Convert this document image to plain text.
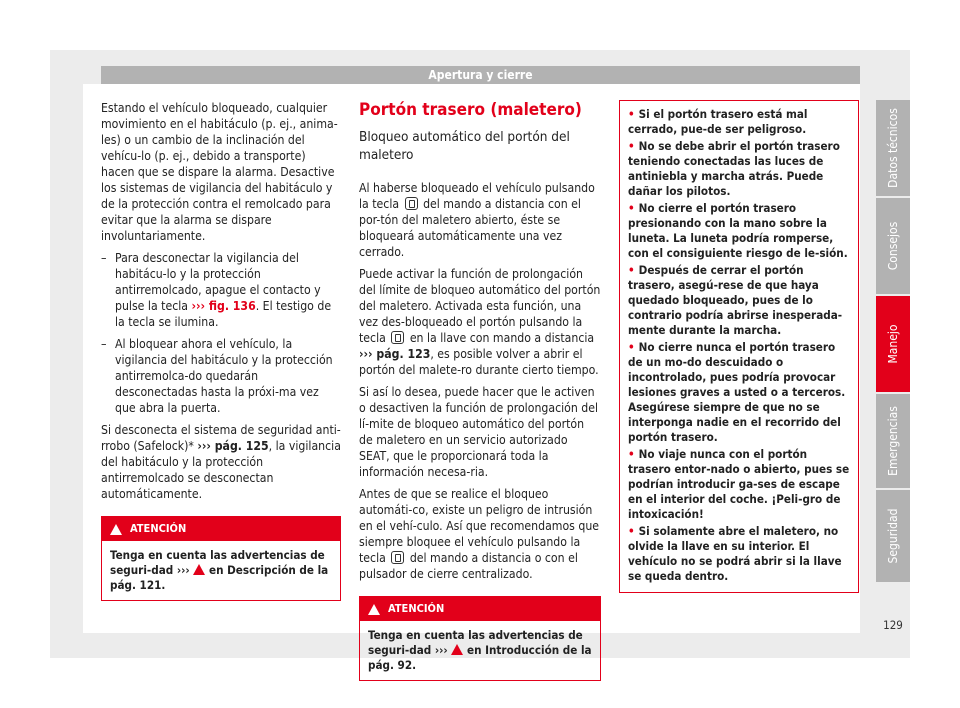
Apertura y cierre

Estando el vehículo bloqueado, cualquier movimiento en el habitáculo (p. ej., anima-les) o un cambio de la inclinación del vehícu-lo (p. ej., debido a transporte) hacen que se dispare la alarma. Desactive los sistemas de vigilancia del habitáculo y de la protección contra el remolcado para evitar que la alarma se dispare involuntariamente.

– Para desconectar la vigilancia del habitácu-lo y la protección antirremolcado, apague el contacto y pulse la tecla ››› fig. 136. El testigo de la tecla se ilumina.

– Al bloquear ahora el vehículo, la vigilancia del habitáculo y la protección antirremolca-do quedarán desconectadas hasta la próxi-ma vez que abra la puerta.

Si desconecta el sistema de seguridad anti-rrobo (Safelock)* ››› pág. 125, la vigilancia del habitáculo y la protección antirremolcado se desconectan automáticamente.

ATENCIÓN
Tenga en cuenta las advertencias de seguri-dad ››› en Descripción de la pág. 121.
Portón trasero (maletero)
Bloqueo automático del portón del maletero

Al haberse bloqueado el vehículo pulsando la tecla del mando a distancia con el por-tón del maletero abierto, éste se bloqueará automáticamente una vez cerrado.

Puede activar la función de prolongación del límite de bloqueo automático del portón del maletero. Activada esta función, una vez des-bloqueado el portón pulsando la tecla en la llave con mando a distancia ››› pág. 123, es posible volver a abrir el portón del malete-ro durante cierto tiempo.

Si así lo desea, puede hacer que le activen o desactiven la función de prolongación del lí-mite de bloqueo automático del portón de maletero en un servicio autorizado SEAT, que le proporcionará toda la información necesa-ria.

Antes de que se realice el bloqueo automáti-co, existe un peligro de intrusión en el vehí-culo. Así que recomendamos que siempre bloquee el vehículo pulsando la tecla del mando a distancia o con el pulsador de cierre centralizado.

ATENCIÓN
Tenga en cuenta las advertencias de seguri-dad ››› en Introducción de la pág. 92.
• Si el portón trasero está mal cerrado, pue-de ser peligroso.
• No se debe abrir el portón trasero teniendo conectadas las luces de antiniebla y marcha atrás. Puede dañar los pilotos.
• No cierre el portón trasero presionando con la mano sobre la luneta. La luneta podría romperse, con el consiguiente riesgo de le-sión.
• Después de cerrar el portón trasero, asegú-rese de que haya quedado bloqueado, pues de lo contrario podría abrirse inesperada-mente durante la marcha.
• No cierre nunca el portón trasero de un mo-do descuidado o incontrolado, pues podría provocar lesiones graves a usted o a terceros. Asegúrese siempre de que no se interponga nadie en el recorrido del portón trasero.
• No viaje nunca con el portón trasero entor-nado o abierto, pues se podrían introducir ga-ses de escape en el interior del coche. ¡Peli-gro de intoxicación!
• Si solamente abre el maletero, no olvide la llave en su interior. El vehículo no se podrá abrir si la llave se queda dentro.
Datos técnicos
Consejos
Manejo
Emergencias
Seguridad
129
